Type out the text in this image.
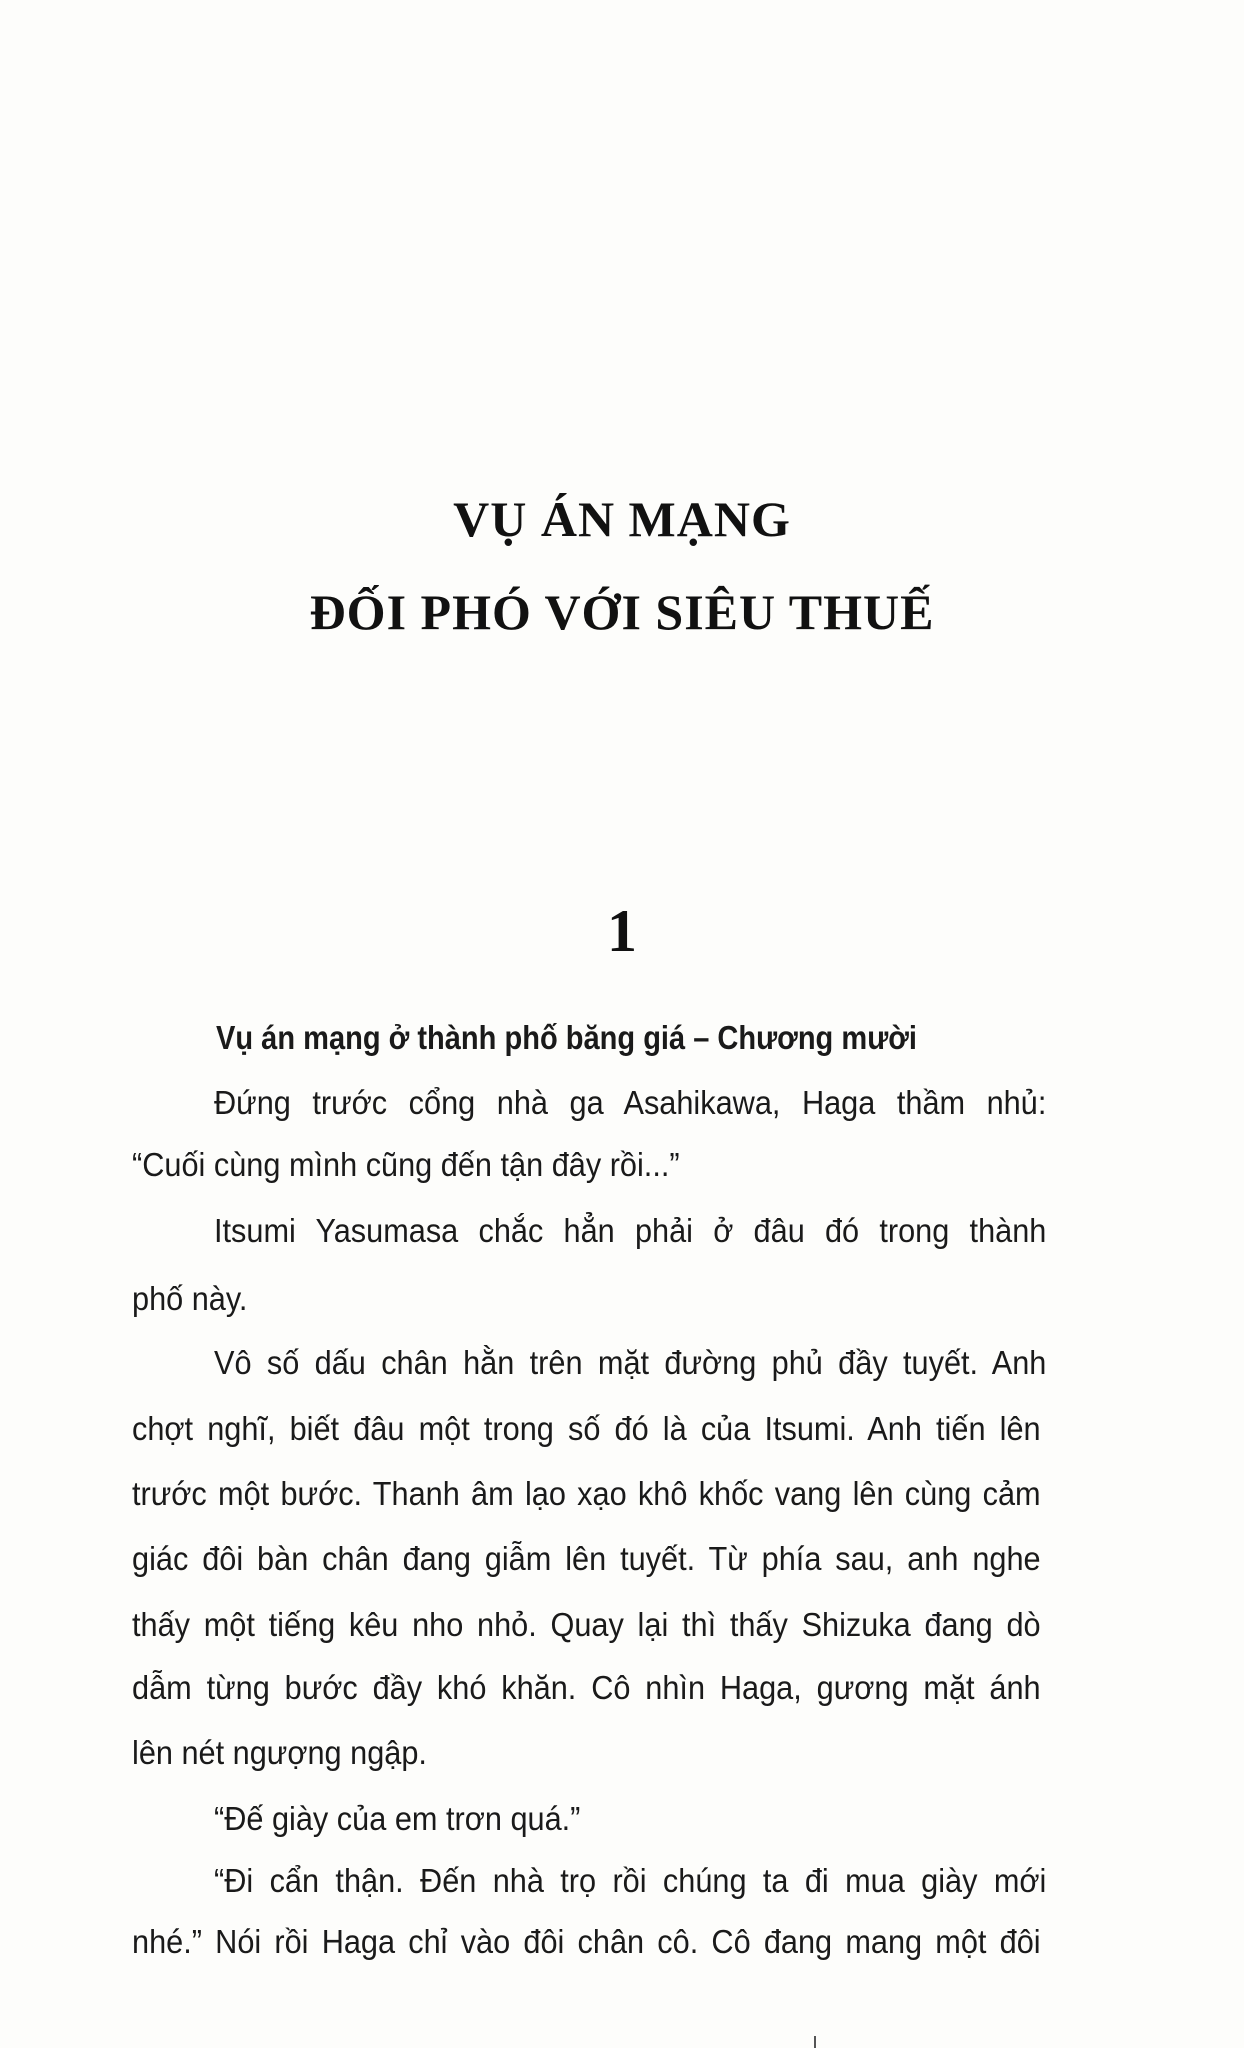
VỤ ÁN MẠNG
ĐỐI PHÓ VỚI SIÊU THUẾ
1
Vụ án mạng ở thành phố băng giá – Chương mười
Đứng trước cổng nhà ga Asahikawa, Haga thầm nhủ:
“Cuối cùng mình cũng đến tận đây rồi...”
Itsumi Yasumasa chắc hẳn phải ở đâu đó trong thành
phố này.
Vô số dấu chân hằn trên mặt đường phủ đầy tuyết. Anh
chợt nghĩ, biết đâu một trong số đó là của Itsumi. Anh tiến lên
trước một bước. Thanh âm lạo xạo khô khốc vang lên cùng cảm
giác đôi bàn chân đang giẫm lên tuyết. Từ phía sau, anh nghe
thấy một tiếng kêu nho nhỏ. Quay lại thì thấy Shizuka đang dò
dẫm từng bước đầy khó khăn. Cô nhìn Haga, gương mặt ánh
lên nét ngượng ngập.
“Đế giày của em trơn quá.”
“Đi cẩn thận. Đến nhà trọ rồi chúng ta đi mua giày mới
nhé.” Nói rồi Haga chỉ vào đôi chân cô. Cô đang mang một đôi
